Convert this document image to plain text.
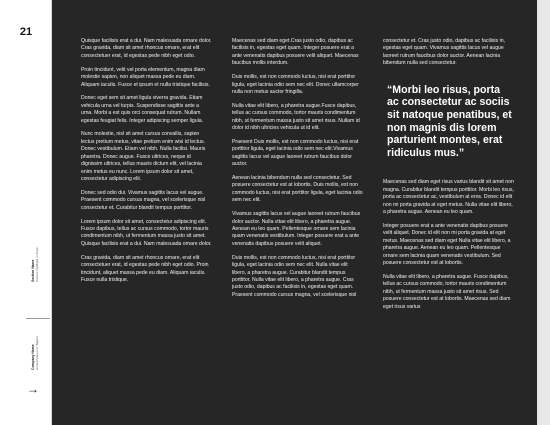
21
Section Name Section Highlight or Topic
Company Name Annual Report or Tagline
→

Quisque facilisis erat a dui. Nam malesuada ornare dolor. Cras gravida, diam sit amet rhoncus ornare, erat elit consectetuer erat, id egestas pede nibh eget odio.

Proin tincidunt, velit vel porta elementum, magna diam molestie sapien, non aliquet massa pede eu diam. Aliquam iaculis. Fusce et ipsum et nulla tristique facilisis.

Donec eget sem sit amet ligula viverra gravida. Etiam vehicula urna vel turpis. Suspendisse sagittis ante a urna. Morbi a est quis orci consequat rutrum. Nullam egestas feugiat felis. Integer adipiscing semper ligula.

Nunc molestie, nisl sit amet cursus convallis, sapien lectus pretium metus, vitae pretium enim wisi id lectus. Donec vestibulum. Etiam vel nibh. Nulla facilisi. Mauris pharetra. Donec augue. Fusce ultrices, neque id dignissim ultrices, tellus mauris dictum elit, vel lacinia enim metus eu nunc. Lorem ipsum dolor sit amet, consectetur adipiscing elit.

Donec sed odio dui. Vivamus sagittis lacus vel augue. Praesent commodo cursus magna, vel scelerisque nisl consectetur et. Curabitur blandit tempus porttitor.

Lorem ipsum dolor sit amet, consectetur adipiscing elit. Fusce dapibus, tellus ac cursus commodo, tortor mauris condimentum nibh, ut fermentum massa justo sit amet. Quisque facilisis erat a dui. Nam malesuada ornare dolor.

Cras gravida, diam sit amet rhoncus ornare, erat elit consectetuer erat, id egestas pede nibh eget odio. Proin tincidunt, aliquet massa pede eu diam. Aliquam iaculis. Fusce nulla tristique.

Maecenas sed diam eget.Cras justo odio, dapibus ac facilisis in, egestas eget quam. Integer posuere erat a ante venenatis dapibus posuere velit aliquet. Maecenas faucibus mollis interdum.

Duis mollis, est non commodo luctus, nisi erat porttitor ligula, eget lacinia odio sem nec elit. Donec ullamcorper nulla non metus auctor fringilla.

Nulla vitae elit libero, a pharetra augue.Fusce dapibus, tellus ac cursus commodo, tortor mauris condimentum nibh, ut fermentum massa justo sit amet risus. Nullam id dolor id nibh ultricies vehicula ut id elit.

Praesent Duis mollis, est non commodo luctus, nisi erat porttitor ligula, eget lacinia odio sem nec elit.Vivamus sagittis lacus vel augue laoreet rutrum faucibus dolor auctor.

Aenean lacinia bibendum nulla sed consectetur. Sed posuere consectetur est at lobortis. Duis mollis, est non commodo luctus, nisi erat porttitor ligula, eget lacinia odio sem nec elit.

Vivamus sagittis lacus vel augue laoreet rutrum faucibus dolor auctor. Nulla vitae elit libero, a pharetra augue. Aenean eu leo quam. Pellentesque ornare sem lacinia quam venenatis vestibulum. Integer posuere erat a ante venenatis dapibus posuere velit aliquet.

Duis mollis, est non commodo luctus, nisi erat porttitor ligula, eget lacinia odio sem nec elit. Nulla vitae elit libero, a pharetra augue. Curabitur blandit tempus porttitor. Nulla vitae elit libero, a pharetra augue. Cras justo odio, dapibus ac facilisis in, egestas eget quam. Praesent commodo cursus magna, vel scelerisque nisl

consectetur et. Cras justo odio, dapibus ac facilisis in, egestas eget quam. Vivamus sagittis lacus vel augue laoreet rutrum faucibus dolor auctor. Aenean lacinia bibendum nulla sed consectetur.

“Morbi leo risus, porta ac consectetur ac sociis sit natoque penatibus, et non magnis dis lorem parturient montes, erat ridiculus mus.”

Maecenas sed diam eget risus varius blandit sit amet non magna. Curabitur blandit tempus porttitor. Morbi leo risus, porta ac consectetur ac, vestibulum at eros. Donec id elit non mi porta gravida at eget metus. Nulla vitae elit libero, a pharetra augue. Aenean eu leo quam.

Integer posuere erat a ante venenatis dapibus posuere velit aliquet. Donec id elit non mi porta gravida at eget metus. Maecenas sed diam eget Nulla vitae elit libero, a pharetra augue. Aenean eu leo quam. Pellentesque ornare sem lacinia quam venenatis vestibulum. Sed posuere consectetur est at lobortis.

Nulla vitae elit libero, a pharetra augue. Fusce dapibus, tellus ac cursus commodo, tortor mauris condimentum nibh, ut fermentum massa justo sit amet risus. Sed posuere consectetur est at lobortis. Maecenas sed diam eget risus varius
